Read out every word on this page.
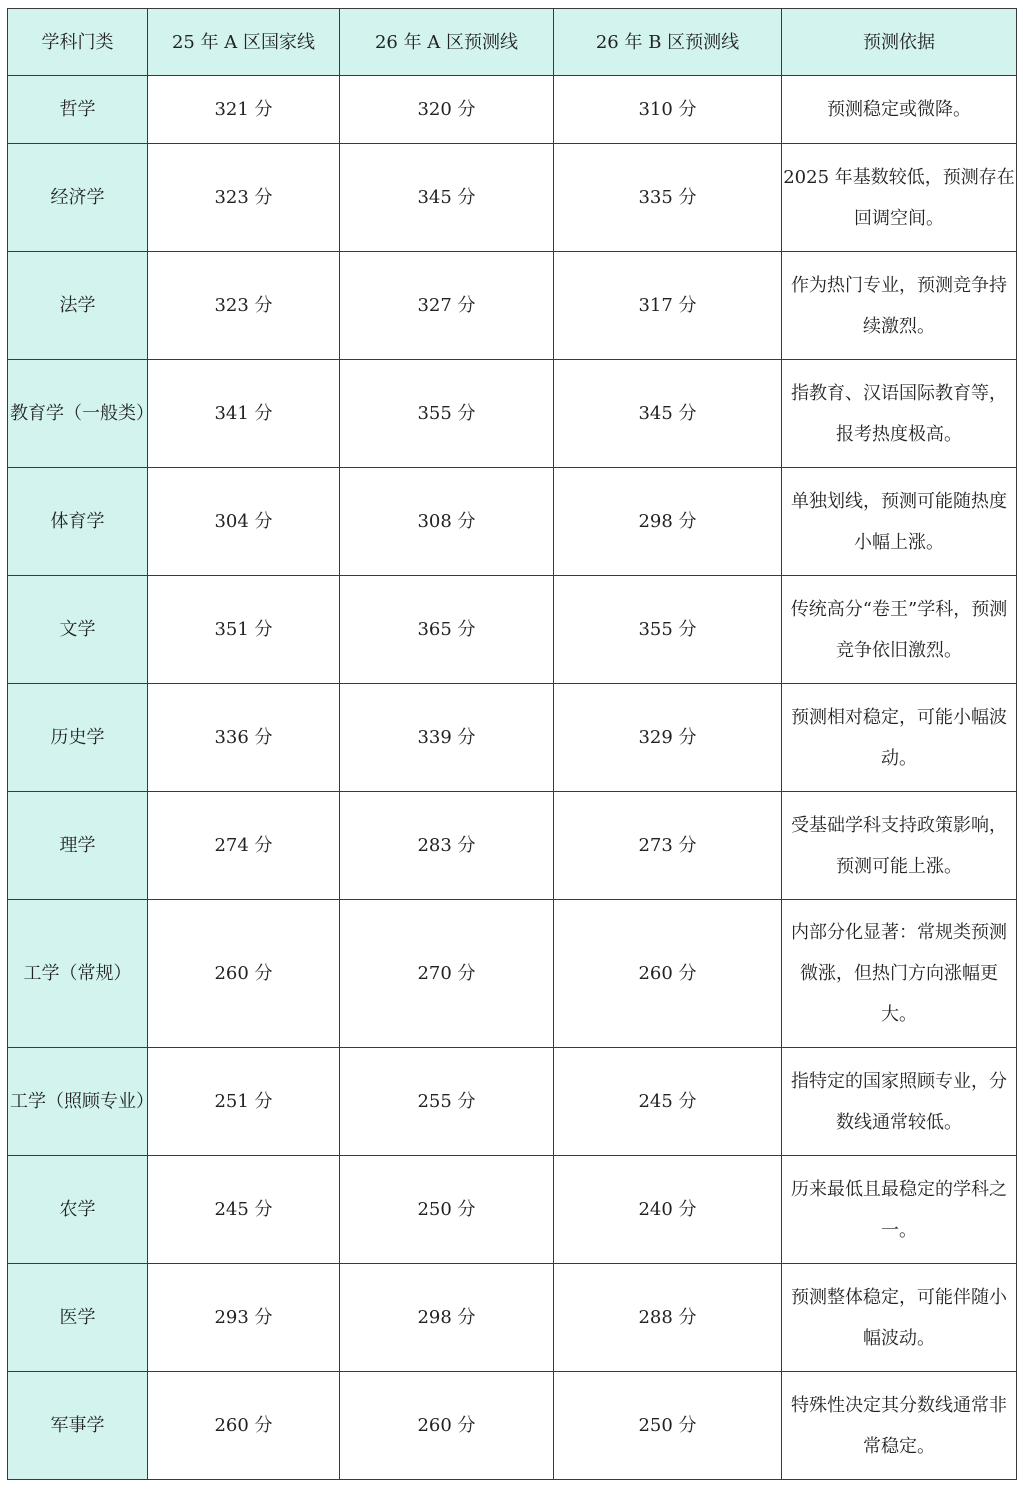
学科门类	25 年 A 区国家线	26 年 A 区预测线	26 年 B 区预测线	预测依据
哲学	321 分	320 分	310 分	预测稳定或微降。
经济学	323 分	345 分	335 分	2025 年基数较低，预测存在回调空间。
法学	323 分	327 分	317 分	作为热门专业，预测竞争持续激烈。
教育学（一般类）	341 分	355 分	345 分	指教育、汉语国际教育等，报考热度极高。
体育学	304 分	308 分	298 分	单独划线，预测可能随热度小幅上涨。
文学	351 分	365 分	355 分	传统高分“卷王”学科，预测竞争依旧激烈。
历史学	336 分	339 分	329 分	预测相对稳定，可能小幅波动。
理学	274 分	283 分	273 分	受基础学科支持政策影响，预测可能上涨。
工学（常规）	260 分	270 分	260 分	内部分化显著：常规类预测微涨，但热门方向涨幅更大。
工学（照顾专业）	251 分	255 分	245 分	指特定的国家照顾专业，分数线通常较低。
农学	245 分	250 分	240 分	历来最低且最稳定的学科之一。
医学	293 分	298 分	288 分	预测整体稳定，可能伴随小幅波动。
军事学	260 分	260 分	250 分	特殊性决定其分数线通常非常稳定。
